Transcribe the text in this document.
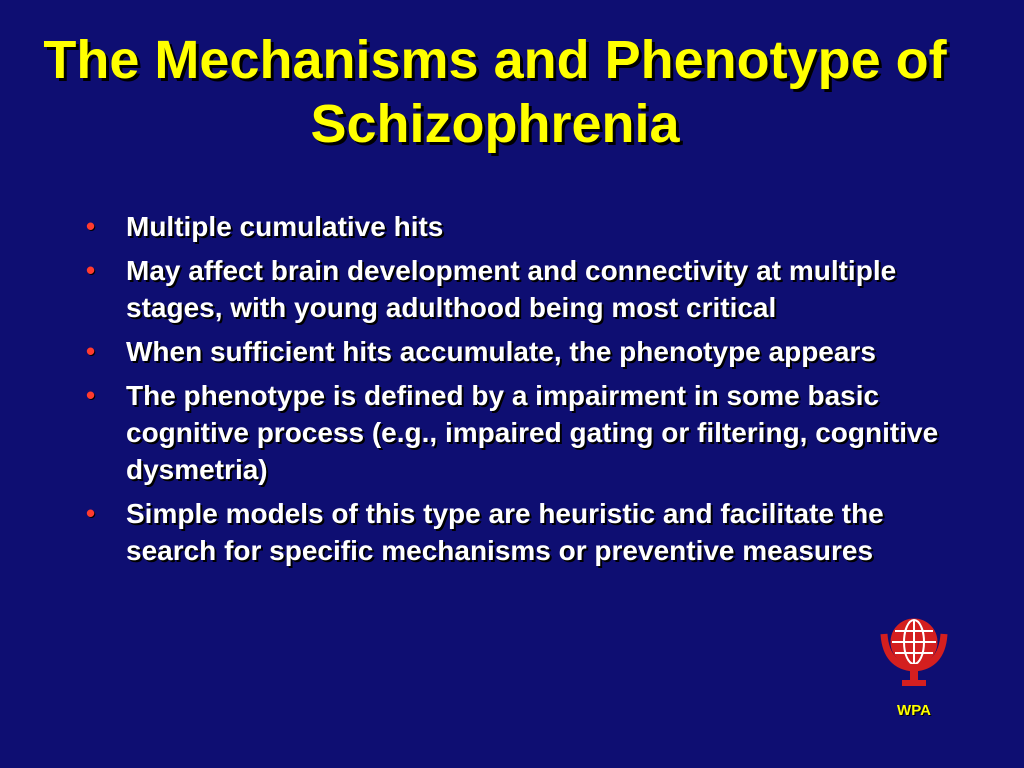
The Mechanisms and Phenotype of Schizophrenia
• Multiple cumulative hits
• May affect brain development and connectivity at multiple stages, with young adulthood being most critical
• When sufficient hits accumulate, the phenotype appears
• The phenotype is defined by a impairment in some basic cognitive process (e.g., impaired gating or filtering, cognitive dysmetria)
• Simple models of this type are heuristic and facilitate the search for specific mechanisms or preventive measures
WPA
